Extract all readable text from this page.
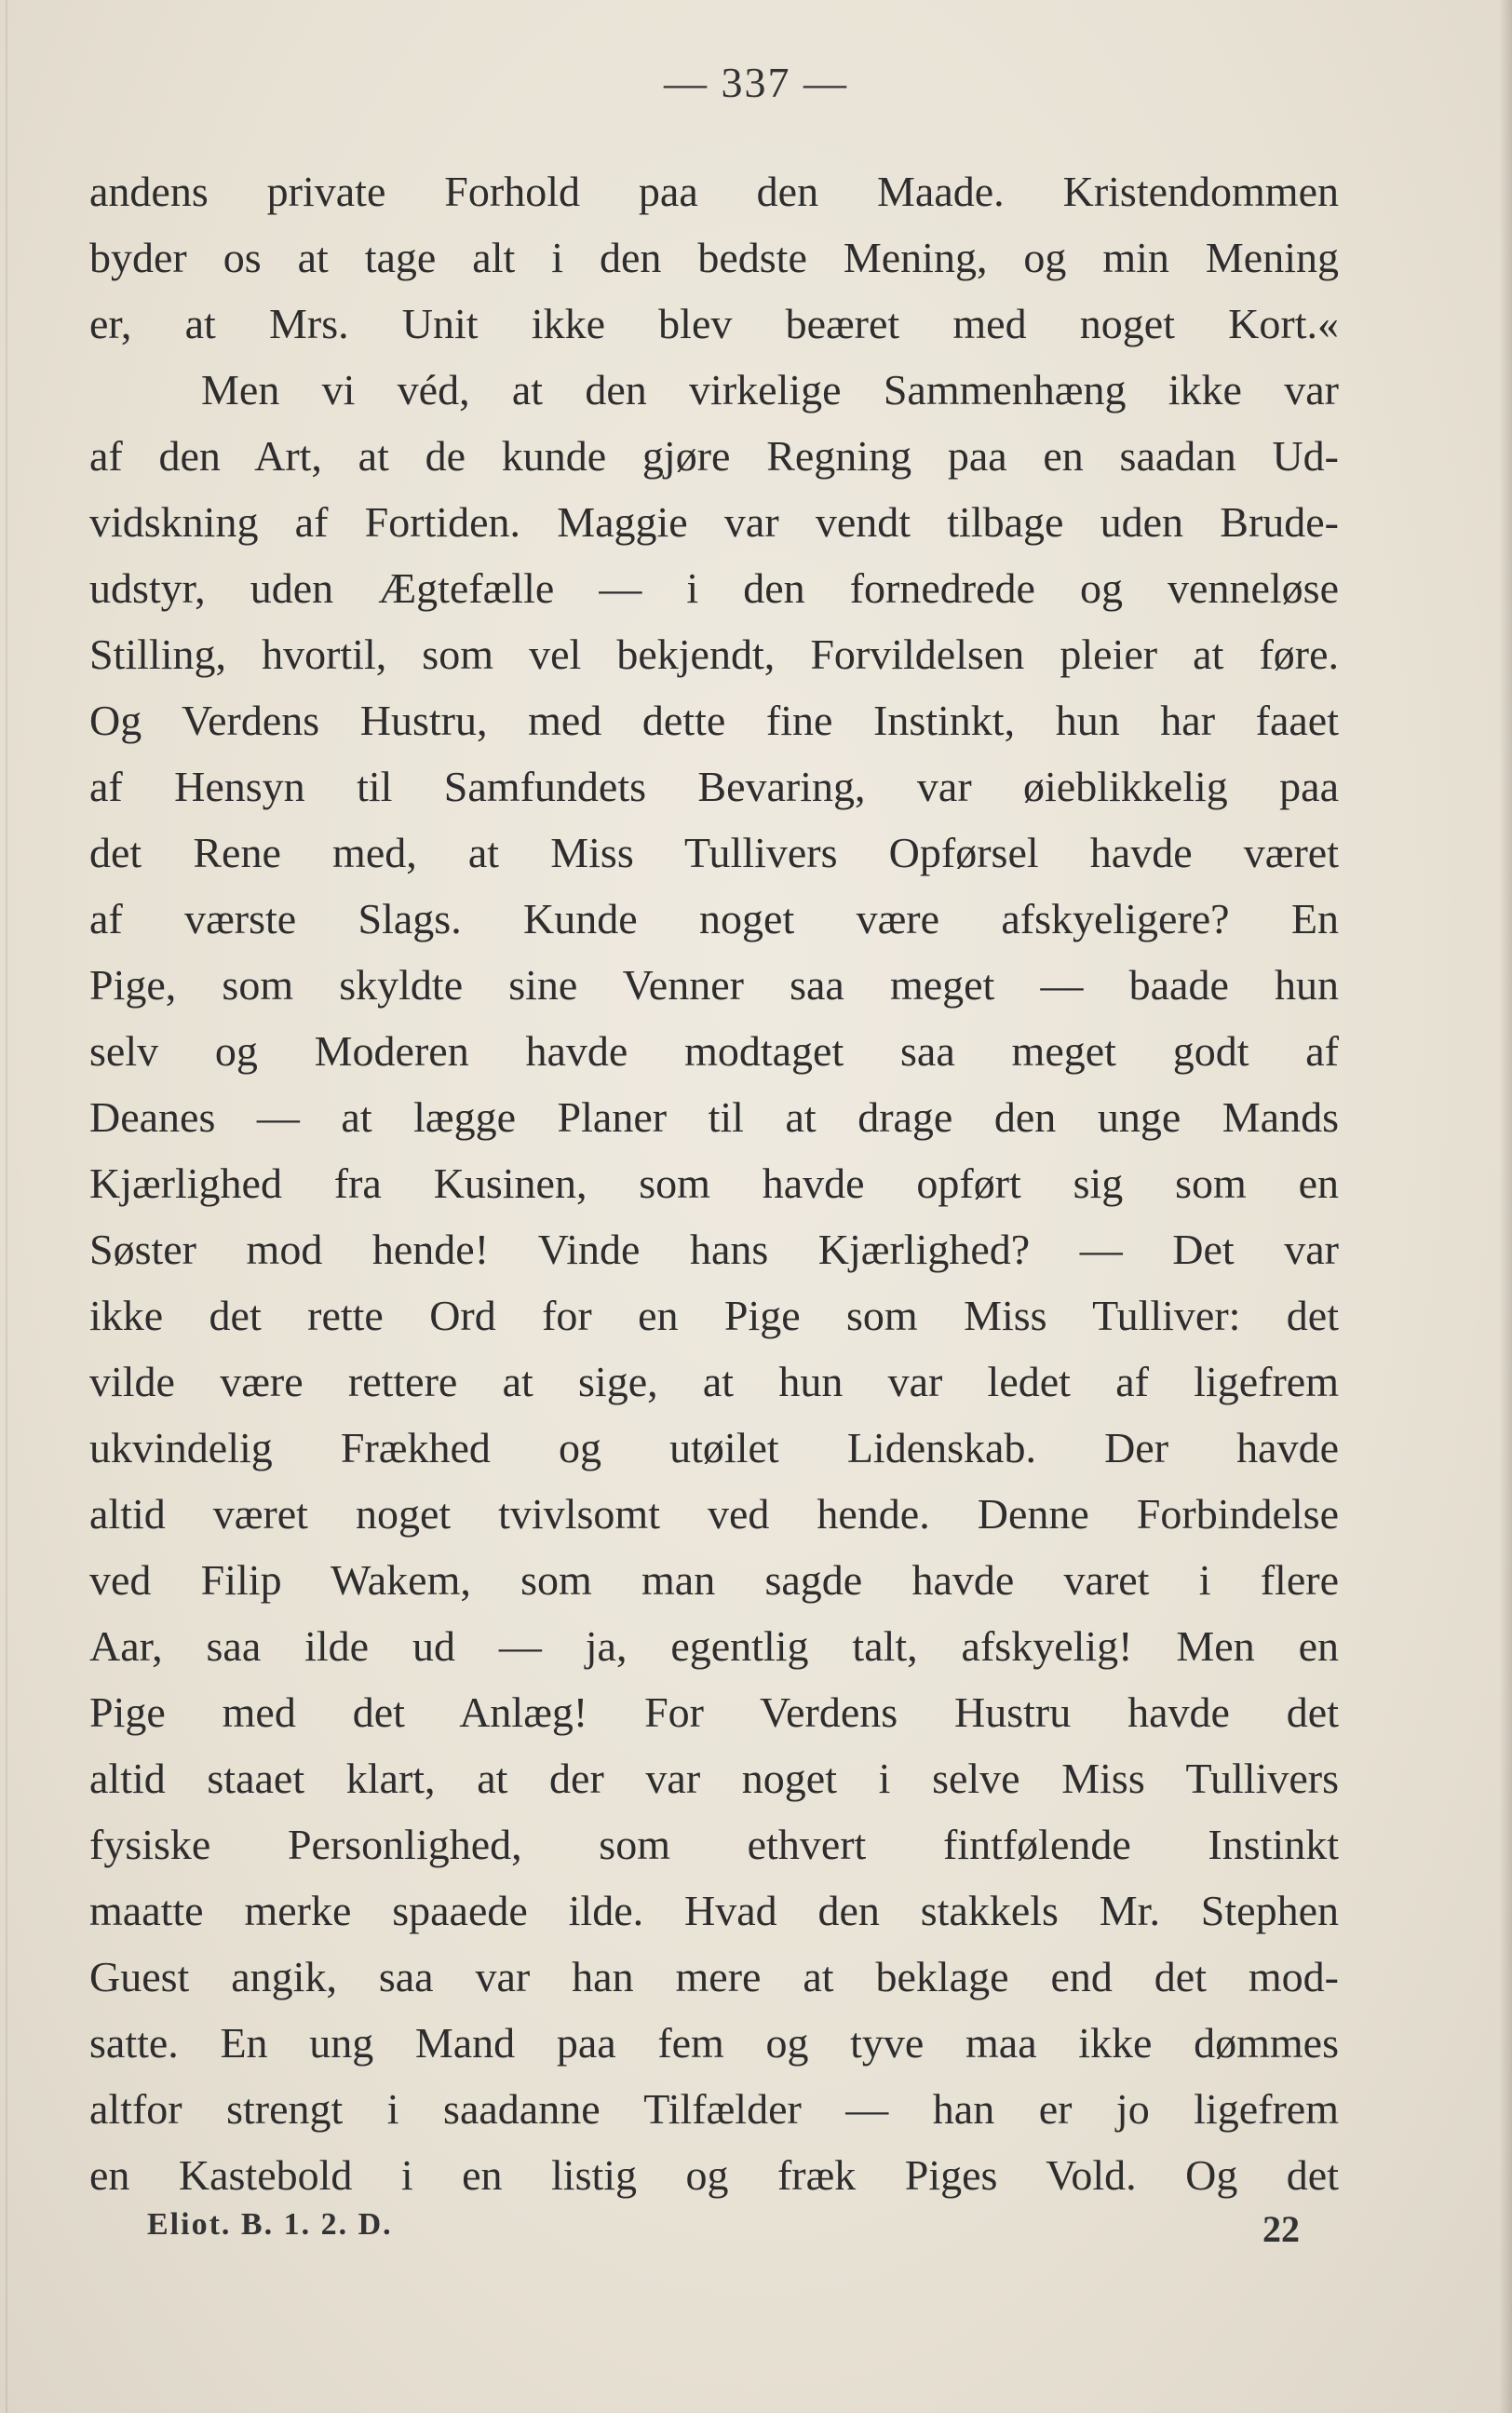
— 337 —
andens private Forhold paa den Maade. Kristendommen
byder os at tage alt i den bedste Mening, og min Mening
er, at Mrs. Unit ikke blev beæret med noget Kort.«
Men vi véd, at den virkelige Sammenhæng ikke var
af den Art, at de kunde gjøre Regning paa en saadan Ud-
vidskning af Fortiden. Maggie var vendt tilbage uden Brude-
udstyr, uden Ægtefælle — i den fornedrede og venneløse
Stilling, hvortil, som vel bekjendt, Forvildelsen pleier at føre.
Og Verdens Hustru, med dette fine Instinkt, hun har faaet
af Hensyn til Samfundets Bevaring, var øieblikkelig paa
det Rene med, at Miss Tullivers Opførsel havde været
af værste Slags. Kunde noget være afskyeligere? En
Pige, som skyldte sine Venner saa meget — baade hun
selv og Moderen havde modtaget saa meget godt af
Deanes — at lægge Planer til at drage den unge Mands
Kjærlighed fra Kusinen, som havde opført sig som en
Søster mod hende! Vinde hans Kjærlighed? — Det var
ikke det rette Ord for en Pige som Miss Tulliver: det
vilde være rettere at sige, at hun var ledet af ligefrem
ukvindelig Frækhed og utøilet Lidenskab. Der havde
altid været noget tvivlsomt ved hende. Denne Forbindelse
ved Filip Wakem, som man sagde havde varet i flere
Aar, saa ilde ud — ja, egentlig talt, afskyelig! Men en
Pige med det Anlæg! For Verdens Hustru havde det
altid staaet klart, at der var noget i selve Miss Tullivers
fysiske Personlighed, som ethvert fintfølende Instinkt
maatte merke spaaede ilde. Hvad den stakkels Mr. Stephen
Guest angik, saa var han mere at beklage end det mod-
satte. En ung Mand paa fem og tyve maa ikke dømmes
altfor strengt i saadanne Tilfælder — han er jo ligefrem
en Kastebold i en listig og fræk Piges Vold. Og det
Eliot. B. 1. 2. D.	22
